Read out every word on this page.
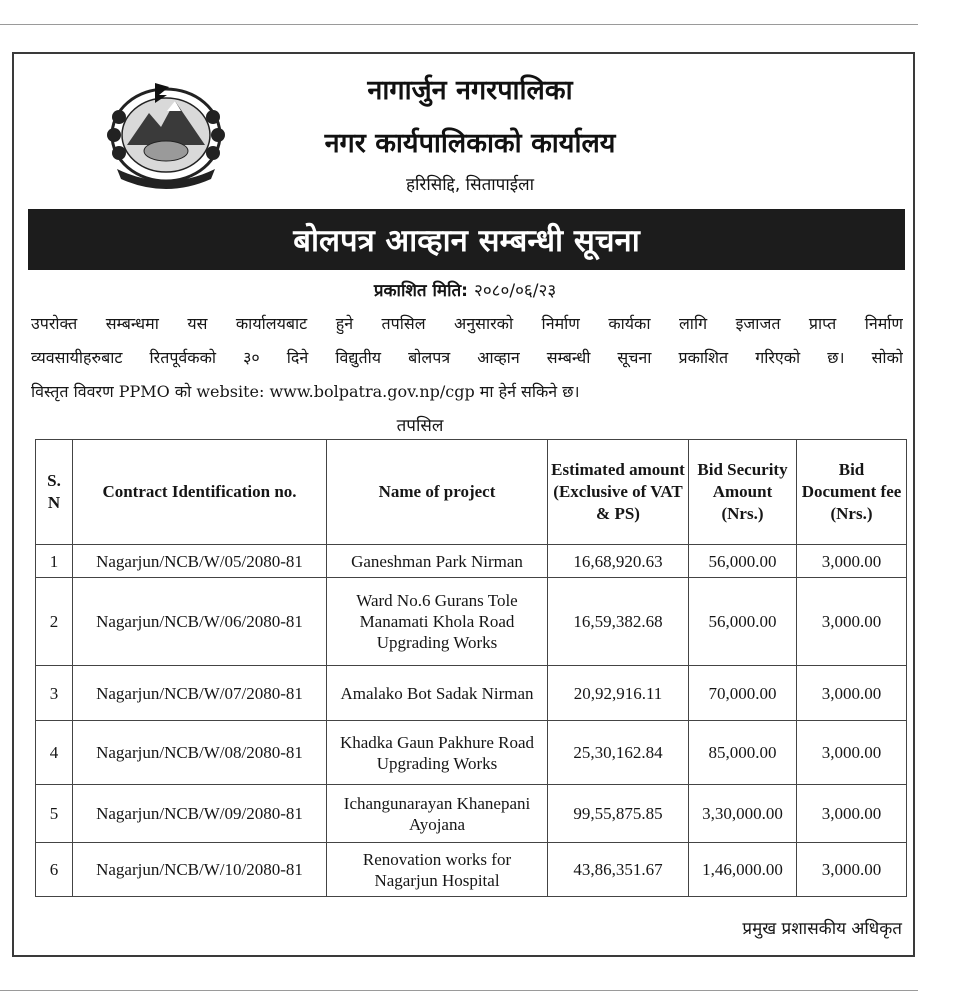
नागार्जुन नगरपालिका
नगर कार्यपालिकाको कार्यालय
हरिसिद्दि, सितापाईला
बोलपत्र आव्हान सम्बन्धी सूचना
प्रकाशित मिति: २०८०/०६/२३
उपरोक्त सम्बन्धमा यस कार्यालयबाट हुने तपसिल अनुसारको निर्माण कार्यका लागि इजाजत प्राप्त निर्माण
व्यवसायीहरुबाट रितपूर्वकको ३० दिने विद्युतीय बोलपत्र आव्हान सम्बन्धी सूचना प्रकाशित गरिएको छ। सोको
विस्तृत विवरण PPMO को website: www.bolpatra.gov.np/cgp मा हेर्न सकिने छ।
तपसिल
S. N	Contract Identification no.	Name of project	Estimated amount (Exclusive of VAT & PS)	Bid Security Amount (Nrs.)	Bid Document fee (Nrs.)
1	Nagarjun/NCB/W/05/2080-81	Ganeshman Park Nirman	16,68,920.63	56,000.00	3,000.00
2	Nagarjun/NCB/W/06/2080-81	Ward No.6 Gurans Tole Manamati Khola Road Upgrading Works	16,59,382.68	56,000.00	3,000.00
3	Nagarjun/NCB/W/07/2080-81	Amalako Bot Sadak Nirman	20,92,916.11	70,000.00	3,000.00
4	Nagarjun/NCB/W/08/2080-81	Khadka Gaun Pakhure Road Upgrading Works	25,30,162.84	85,000.00	3,000.00
5	Nagarjun/NCB/W/09/2080-81	Ichangunarayan Khanepani Ayojana	99,55,875.85	3,30,000.00	3,000.00
6	Nagarjun/NCB/W/10/2080-81	Renovation works for Nagarjun Hospital	43,86,351.67	1,46,000.00	3,000.00
प्रमुख प्रशासकीय अधिकृत
